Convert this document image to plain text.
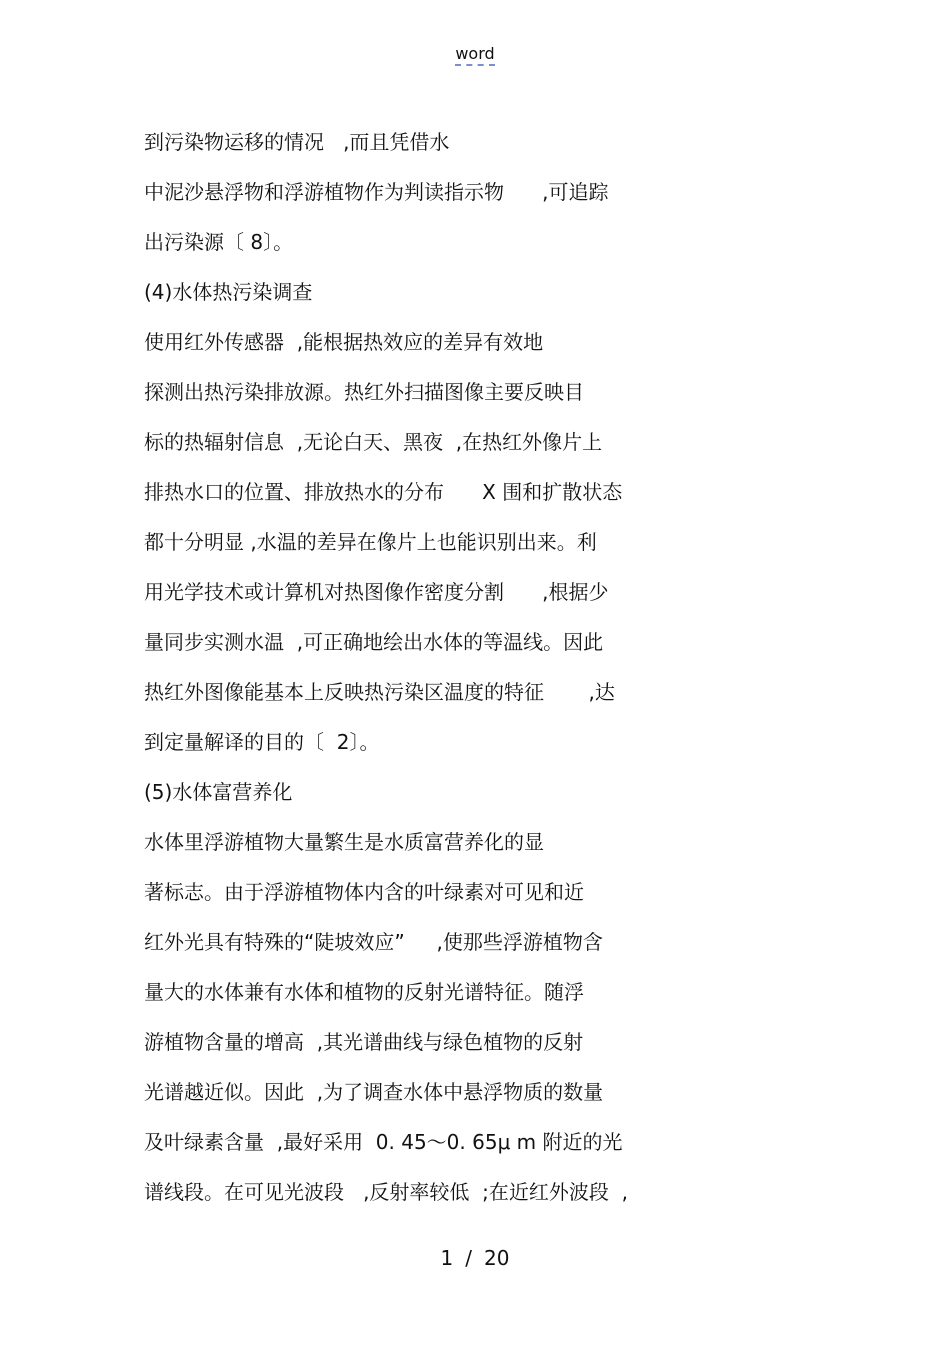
word
到污染物运移的情况   ,而且凭借水
中泥沙悬浮物和浮游植物作为判读指示物      ,可追踪
出污染源〔 8〕。
(4)水体热污染调查
使用红外传感器  ,能根据热效应的差异有效地
探测出热污染排放源。热红外扫描图像主要反映目
标的热辐射信息  ,无论白天、黑夜  ,在热红外像片上
排热水口的位置、排放热水的分布      X 围和扩散状态
都十分明显 ,水温的差异在像片上也能识别出来。利
用光学技术或计算机对热图像作密度分割      ,根据少
量同步实测水温  ,可正确地绘出水体的等温线。因此
热红外图像能基本上反映热污染区温度的特征       ,达
到定量解译的目的〔  2〕。
(5)水体富营养化
水体里浮游植物大量繁生是水质富营养化的显
著标志。由于浮游植物体内含的叶绿素对可见和近
红外光具有特殊的“陡坡效应”     ,使那些浮游植物含
量大的水体兼有水体和植物的反射光谱特征。随浮
游植物含量的增高  ,其光谱曲线与绿色植物的反射
光谱越近似。因此  ,为了调查水体中悬浮物质的数量
及叶绿素含量  ,最好采用  0. 45～0. 65μ m 附近的光
谱线段。在可见光波段   ,反射率较低  ;在近红外波段  ,
1 / 20
